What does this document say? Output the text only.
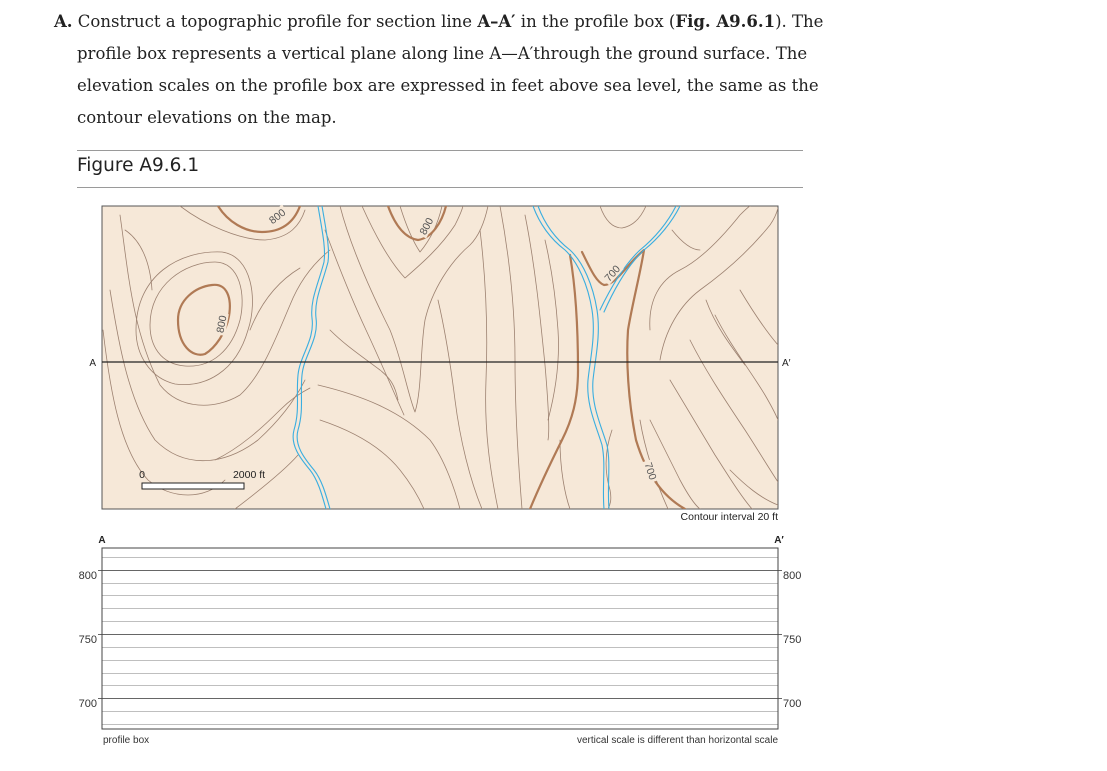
A. Construct a topographic profile for section line A–A′ in the profile box (Fig. A9.6.1). The
profile box represents a vertical plane along line A—A′through the ground surface. The
elevation scales on the profile box are expressed in feet above sea level, the same as the
contour elevations on the map.
Figure A9.6.1
800	800
800
700
700
A	A′
0	2000 ft
Contour interval 20 ft
A	A′
800
750
700
800
750
700
profile box	vertical scale is different than horizontal scale
